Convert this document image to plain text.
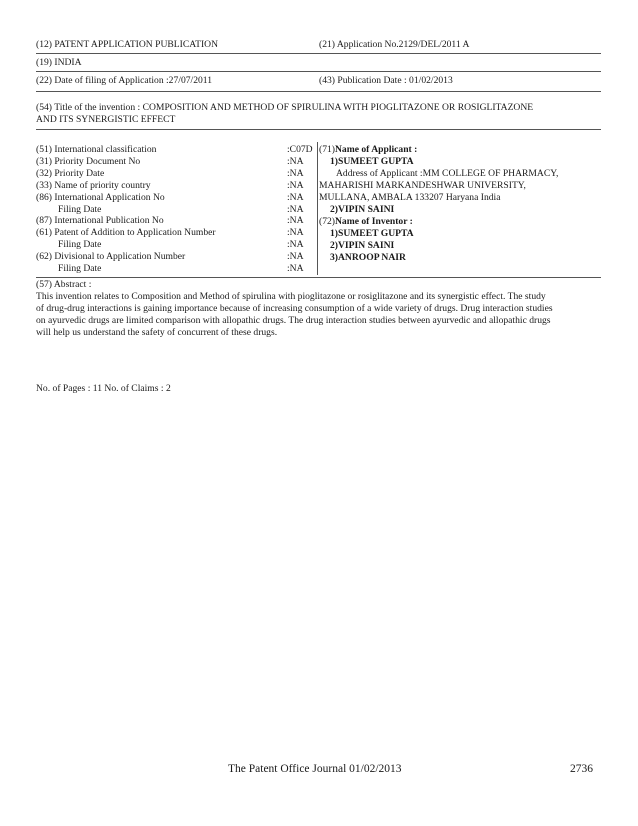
(12) PATENT APPLICATION PUBLICATION	(21) Application No.2129/DEL/2011 A
(19) INDIA
(22) Date of filing of Application :27/07/2011	(43) Publication Date : 01/02/2013
(54) Title of the invention : COMPOSITION AND METHOD OF SPIRULINA WITH PIOGLITAZONE OR ROSIGLITAZONE
AND ITS SYNERGISTIC EFFECT
(51) International classification	:C07D
(31) Priority Document No	:NA
(32) Priority Date	:NA
(33) Name of priority country	:NA
(86) International Application No	:NA
Filing Date	:NA
(87) International Publication No	:NA
(61) Patent of Addition to Application Number	:NA
Filing Date	:NA
(62) Divisional to Application Number	:NA
Filing Date	:NA
(71)Name of Applicant :
1)SUMEET GUPTA
Address of Applicant :MM COLLEGE OF PHARMACY,
MAHARISHI MARKANDESHWAR UNIVERSITY,
MULLANA, AMBALA 133207 Haryana India
2)VIPIN SAINI
(72)Name of Inventor :
1)SUMEET GUPTA
2)VIPIN SAINI
3)ANROOP NAIR
(57) Abstract :
This invention relates to Composition and Method of spirulina with pioglitazone or rosiglitazone and its synergistic effect. The study
of drug-drug interactions is gaining importance because of increasing consumption of a wide variety of drugs. Drug interaction studies
on ayurvedic drugs are limited comparison with allopathic drugs. The drug interaction studies between ayurvedic and allopathic drugs
will help us understand the safety of concurrent of these drugs.
No. of Pages : 11 No. of Claims : 2
The Patent Office Journal 01/02/2013	2736
